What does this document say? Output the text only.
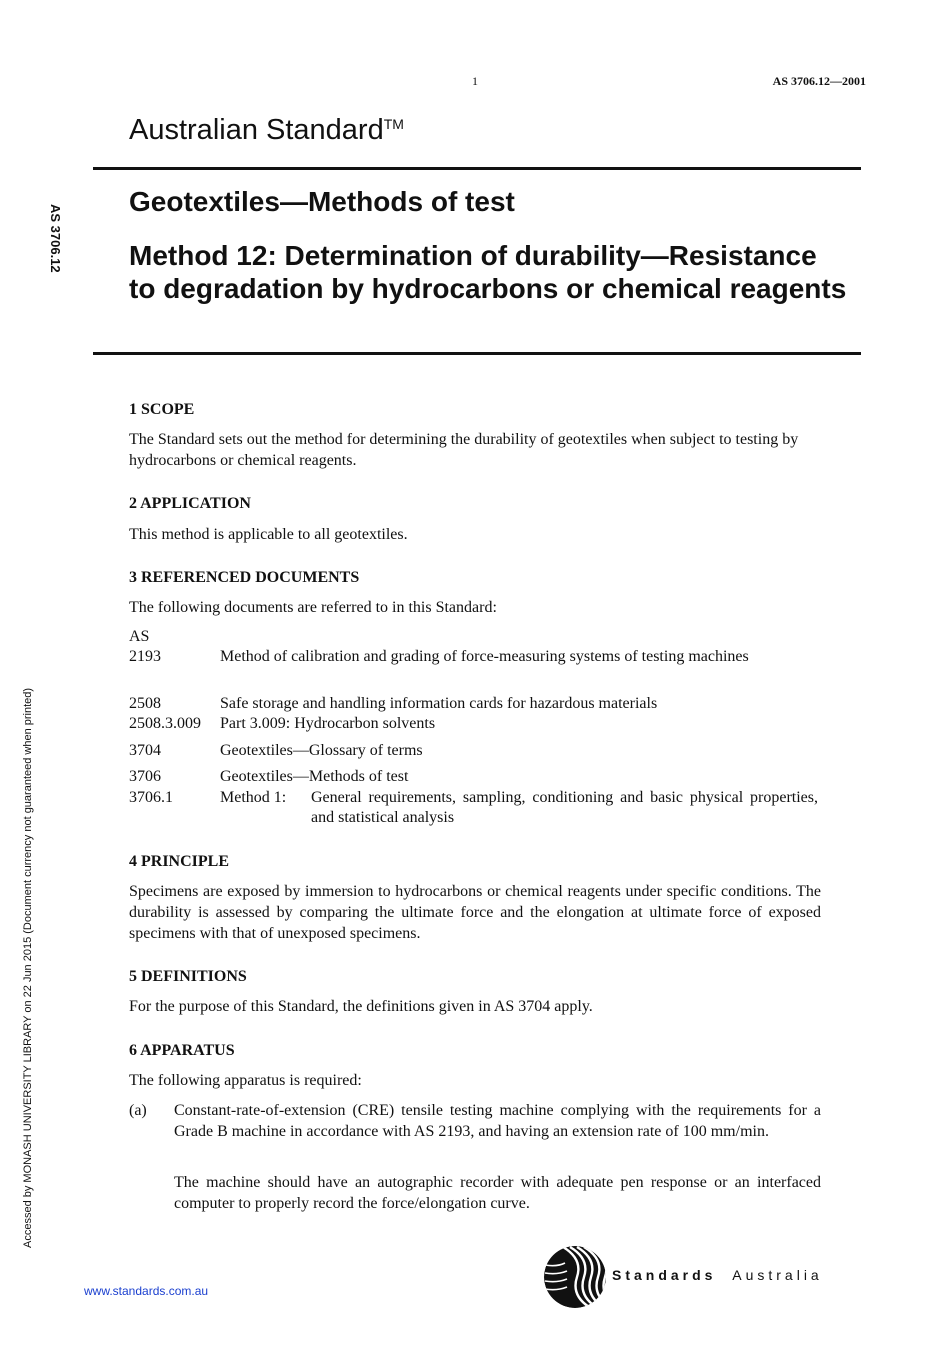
1	AS 3706.12—2001
Australian Standard™
Geotextiles—Methods of test
Method 12: Determination of durability—Resistance to degradation by hydrocarbons or chemical reagents
AS 3706.12
Accessed by MONASH UNIVERSITY LIBRARY on 22 Jun 2015 (Document currency not guaranteed when printed)
1 SCOPE
The Standard sets out the method for determining the durability of geotextiles when subject to testing by hydrocarbons or chemical reagents.
2 APPLICATION
This method is applicable to all geotextiles.
3 REFERENCED DOCUMENTS
The following documents are referred to in this Standard:
AS
2193	Method of calibration and grading of force-measuring systems of testing machines
2508	Safe storage and handling information cards for hazardous materials
2508.3.009	Part 3.009: Hydrocarbon solvents
3704	Geotextiles—Glossary of terms
3706	Geotextiles—Methods of test
3706.1	Method 1:	General requirements, sampling, conditioning and basic physical properties, and statistical analysis
4 PRINCIPLE
Specimens are exposed by immersion to hydrocarbons or chemical reagents under specific conditions. The durability is assessed by comparing the ultimate force and the elongation at ultimate force of exposed specimens with that of unexposed specimens.
5 DEFINITIONS
For the purpose of this Standard, the definitions given in AS 3704 apply.
6 APPARATUS
The following apparatus is required:
(a)	Constant-rate-of-extension (CRE) tensile testing machine complying with the requirements for a Grade B machine in accordance with AS 2193, and having an extension rate of 100 mm/min.
The machine should have an autographic recorder with adequate pen response or an interfaced computer to properly record the force/elongation curve.
www.standards.com.au
Standards Australia
